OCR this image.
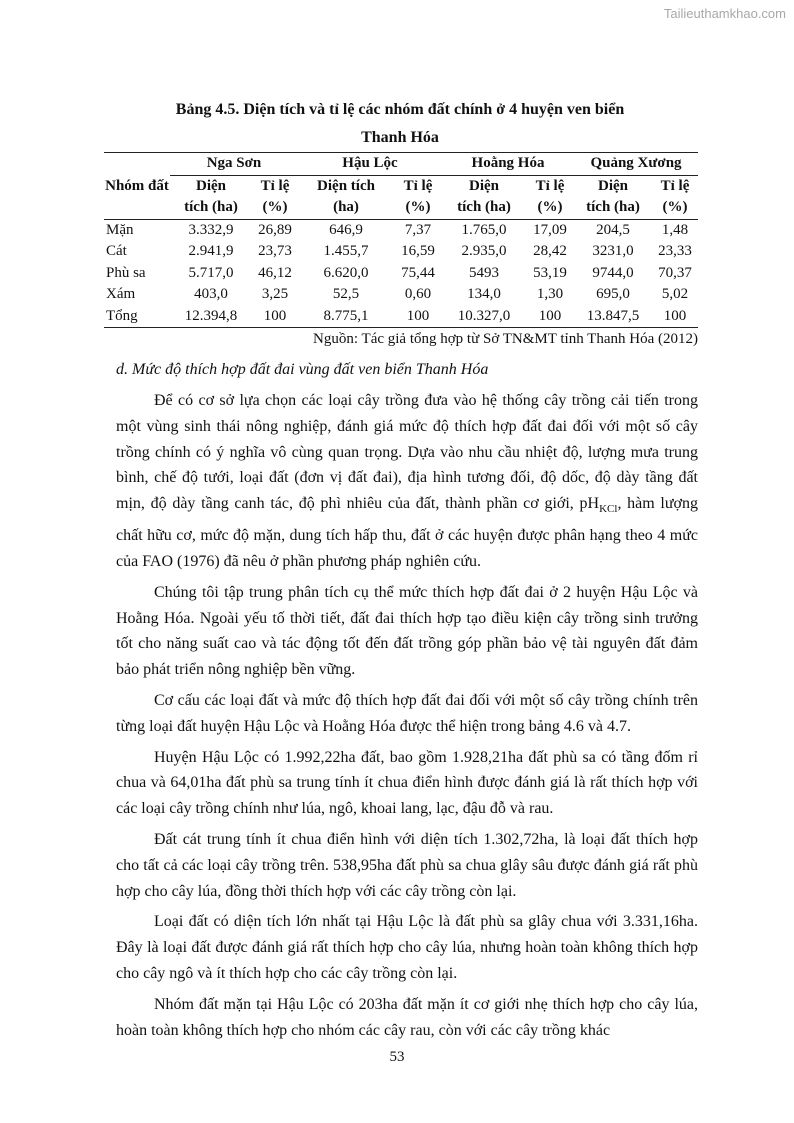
Tailieuthamkhao.com
Bảng 4.5. Diện tích và tỉ lệ các nhóm đất chính ở 4 huyện ven biển
Thanh Hóa
Nhóm đất	Nga Sơn		Hậu Lộc		Hoằng Hóa		Quảng Xương	
	Diện	Tỉ lệ	Diện tích	Tỉ lệ	Diện	Tỉ lệ	Diện	Tỉ lệ
	tích (ha)	(%)	(ha)	(%)	tích (ha)	(%)	tích (ha)	(%)
Mặn	3.332,9	26,89	646,9	7,37	1.765,0	17,09	204,5	1,48
Cát	2.941,9	23,73	1.455,7	16,59	2.935,0	28,42	3231,0	23,33
Phù sa	5.717,0	46,12	6.620,0	75,44	5493	53,19	9744,0	70,37
Xám	403,0	3,25	52,5	0,60	134,0	1,30	695,0	5,02
Tổng	12.394,8	100	8.775,1	100	10.327,0	100	13.847,5	100
Nguồn: Tác giả tổng hợp từ Sở TN&MT tỉnh Thanh Hóa (2012)
d. Mức độ thích hợp đất đai vùng đất ven biển Thanh Hóa

Để có cơ sở lựa chọn các loại cây trồng đưa vào hệ thống cây trồng cải tiến trong một vùng sinh thái nông nghiệp, đánh giá mức độ thích hợp đất đai đối với một số cây trồng chính có ý nghĩa vô cùng quan trọng. Dựa vào nhu cầu nhiệt độ, lượng mưa trung bình, chế độ tưới, loại đất (đơn vị đất đai), địa hình tương đối, độ dốc, độ dày tầng đất mịn, độ dày tầng canh tác, độ phì nhiêu của đất, thành phần cơ giới, $pH_{KCl}$, hàm lượng chất hữu cơ, mức độ mặn, dung tích hấp thu, đất ở các huyện được phân hạng theo 4 mức của FAO (1976) đã nêu ở phần phương pháp nghiên cứu.

Chúng tôi tập trung phân tích cụ thể mức thích hợp đất đai ở 2 huyện Hậu Lộc và Hoằng Hóa. Ngoài yếu tố thời tiết, đất đai thích hợp tạo điều kiện cây trồng sinh trưởng tốt cho năng suất cao và tác động tốt đến đất trồng góp phần bảo vệ tài nguyên đất đảm bảo phát triển nông nghiệp bền vững.

Cơ cấu các loại đất và mức độ thích hợp đất đai đối với một số cây trồng chính trên từng loại đất huyện Hậu Lộc và Hoằng Hóa được thể hiện trong bảng 4.6 và 4.7.

Huyện Hậu Lộc có 1.992,22ha đất, bao gồm 1.928,21ha đất phù sa có tầng đốm rỉ chua và 64,01ha đất phù sa trung tính ít chua điển hình được đánh giá là rất thích hợp với các loại cây trồng chính như lúa, ngô, khoai lang, lạc, đậu đỗ và rau.

Đất cát trung tính ít chua điển hình với diện tích 1.302,72ha, là loại đất thích hợp cho tất cả các loại cây trồng trên. 538,95ha đất phù sa chua glây sâu được đánh giá rất phù hợp cho cây lúa, đồng thời thích hợp với các cây trồng còn lại.

Loại đất có diện tích lớn nhất tại Hậu Lộc là đất phù sa glây chua với 3.331,16ha. Đây là loại đất được đánh giá rất thích hợp cho cây lúa, nhưng hoàn toàn không thích hợp cho cây ngô và ít thích hợp cho các cây trồng còn lại.

Nhóm đất mặn tại Hậu Lộc có 203ha đất mặn ít cơ giới nhẹ thích hợp cho cây lúa, hoàn toàn không thích hợp cho nhóm các cây rau, còn với các cây trồng khác

53
